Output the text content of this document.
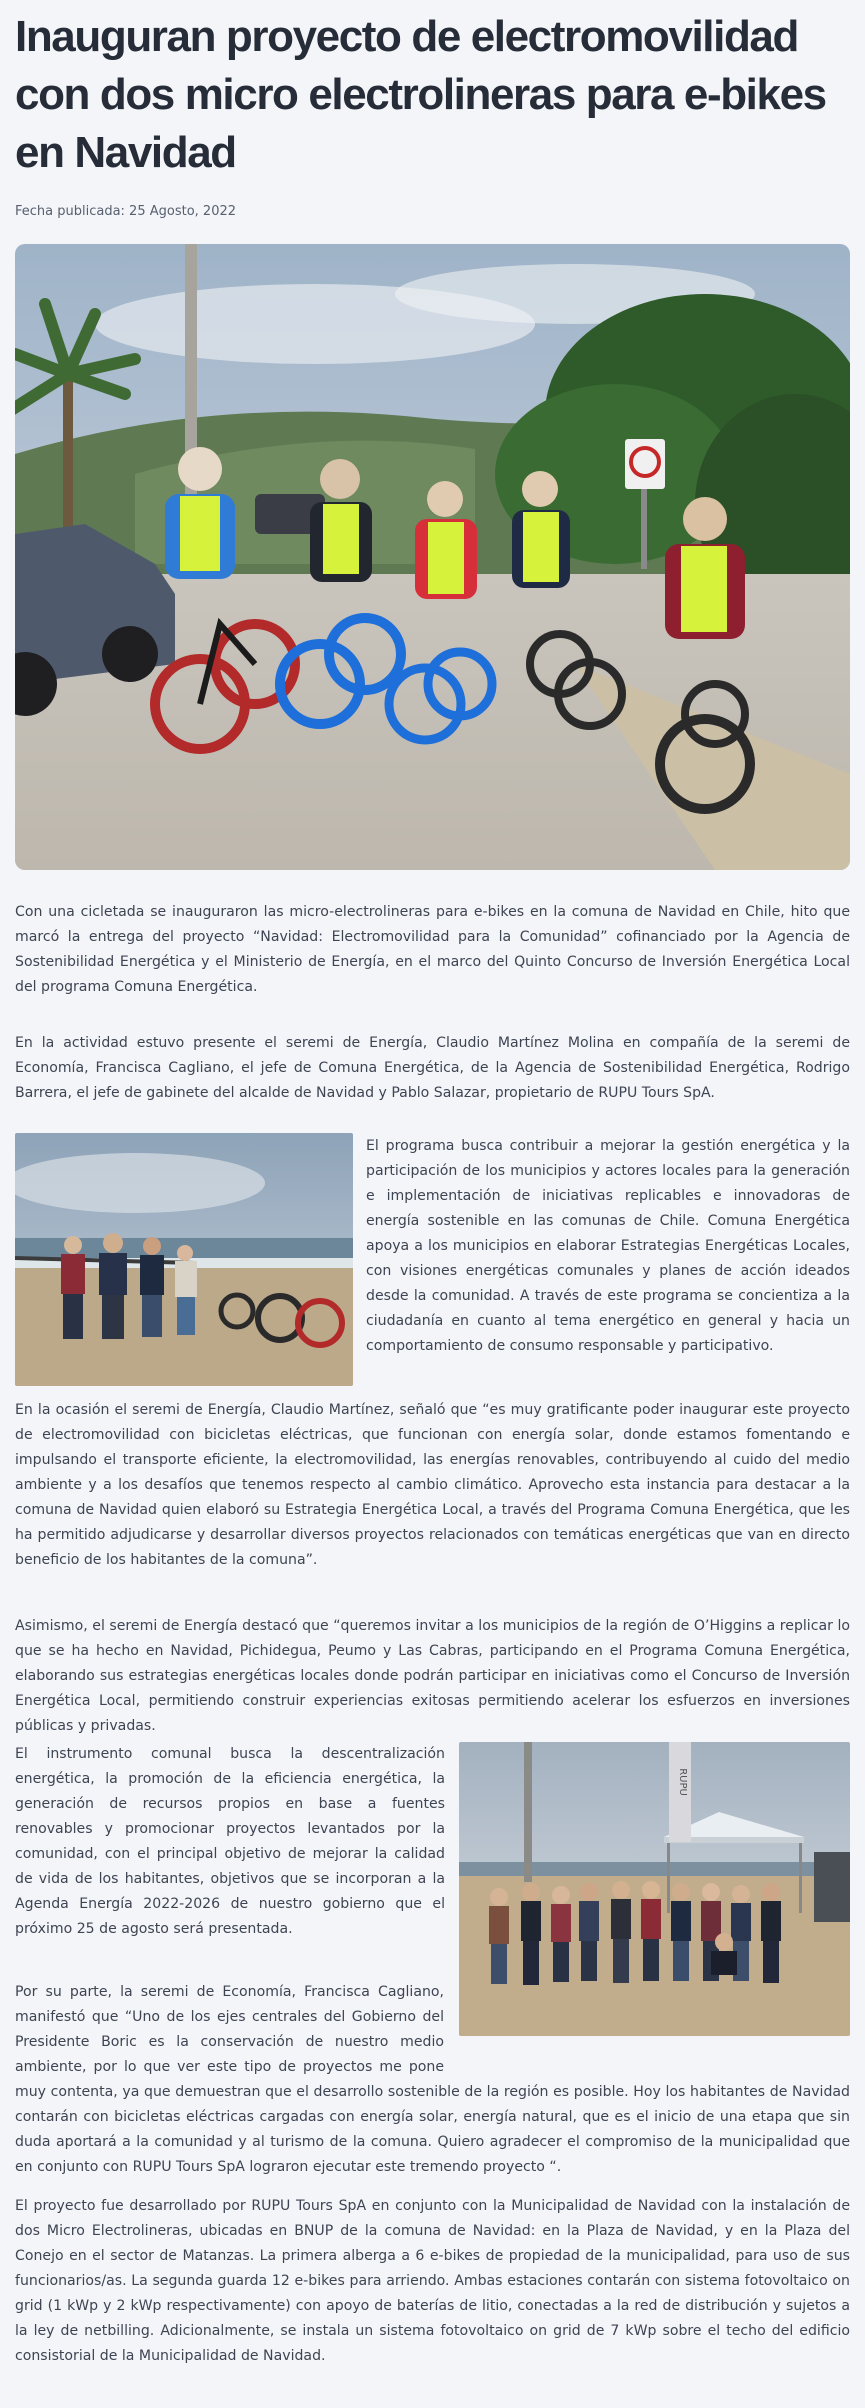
Inauguran proyecto de electromovilidad con dos micro electrolineras para e-bikes en Navidad
Fecha publicada: 25 Agosto, 2022

Con una cicletada se inauguraron las micro-electrolineras para e-bikes en la comuna de Navidad en Chile, hito que marcó la entrega del proyecto “Navidad: Electromovilidad para la Comunidad” cofinanciado por la Agencia de Sostenibilidad Energética y el Ministerio de Energía, en el marco del Quinto Concurso de Inversión Energética Local del programa Comuna Energética.

En la actividad estuvo presente el seremi de Energía, Claudio Martínez Molina en compañía de la seremi de Economía, Francisca Cagliano, el jefe de Comuna Energética, de la Agencia de Sostenibilidad Energética, Rodrigo Barrera, el jefe de gabinete del alcalde de Navidad y Pablo Salazar, propietario de RUPU Tours SpA.

El programa busca contribuir a mejorar la gestión energética y la participación de los municipios y actores locales para la generación e implementación de iniciativas replicables e innovadoras de energía sostenible en las comunas de Chile. Comuna Energética apoya a los municipios en elaborar Estrategias Energéticas Locales, con visiones energéticas comunales y planes de acción ideados desde la comunidad. A través de este programa se concientiza a la ciudadanía en cuanto al tema energético en general y hacia un comportamiento de consumo responsable y participativo.

En la ocasión el seremi de Energía, Claudio Martínez, señaló que “es muy gratificante poder inaugurar este proyecto de electromovilidad con bicicletas eléctricas, que funcionan con energía solar, donde estamos fomentando e impulsando el transporte eficiente, la electromovilidad, las energías renovables, contribuyendo al cuido del medio ambiente y a los desafíos que tenemos respecto al cambio climático. Aprovecho esta instancia para destacar a la comuna de Navidad quien elaboró su Estrategia Energética Local, a través del Programa Comuna Energética, que les ha permitido adjudicarse y desarrollar diversos proyectos relacionados con temáticas energéticas que van en directo beneficio de los habitantes de la comuna”.

Asimismo, el seremi de Energía destacó que “queremos invitar a los municipios de la región de O’Higgins a replicar lo que se ha hecho en Navidad, Pichidegua, Peumo y Las Cabras, participando en el Programa Comuna Energética, elaborando sus estrategias energéticas locales donde podrán participar en iniciativas como el Concurso de Inversión Energética Local, permitiendo construir experiencias exitosas permitiendo acelerar los esfuerzos en inversiones públicas y privadas.

RUPU

El instrumento comunal busca la descentralización energética, la promoción de la eficiencia energética, la generación de recursos propios en base a fuentes renovables y promocionar proyectos levantados por la comunidad, con el principal objetivo de mejorar la calidad de vida de los habitantes, objetivos que se incorporan a la Agenda Energía 2022-2026 de nuestro gobierno que el próximo 25 de agosto será presentada.

Por su parte, la seremi de Economía, Francisca Cagliano, manifestó que “Uno de los ejes centrales del Gobierno del Presidente Boric es la conservación de nuestro medio ambiente, por lo que ver este tipo de proyectos me pone muy contenta, ya que demuestran que el desarrollo sostenible de la región es posible. Hoy los habitantes de Navidad contarán con bicicletas eléctricas cargadas con energía solar, energía natural, que es el inicio de una etapa que sin duda aportará a la comunidad y al turismo de la comuna. Quiero agradecer el compromiso de la municipalidad que en conjunto con RUPU Tours SpA lograron ejecutar este tremendo proyecto “.

El proyecto fue desarrollado por RUPU Tours SpA en conjunto con la Municipalidad de Navidad con la instalación de dos Micro Electrolineras, ubicadas en BNUP de la comuna de Navidad: en la Plaza de Navidad, y en la Plaza del Conejo en el sector de Matanzas. La primera alberga a 6 e-bikes de propiedad de la municipalidad, para uso de sus funcionarios/as. La segunda guarda 12 e-bikes para arriendo. Ambas estaciones contarán con sistema fotovoltaico on grid (1 kWp y 2 kWp respectivamente) con apoyo de baterías de litio, conectadas a la red de distribución y sujetos a la ley de netbilling. Adicionalmente, se instala un sistema fotovoltaico on grid de 7 kWp sobre el techo del edificio consistorial de la Municipalidad de Navidad.
